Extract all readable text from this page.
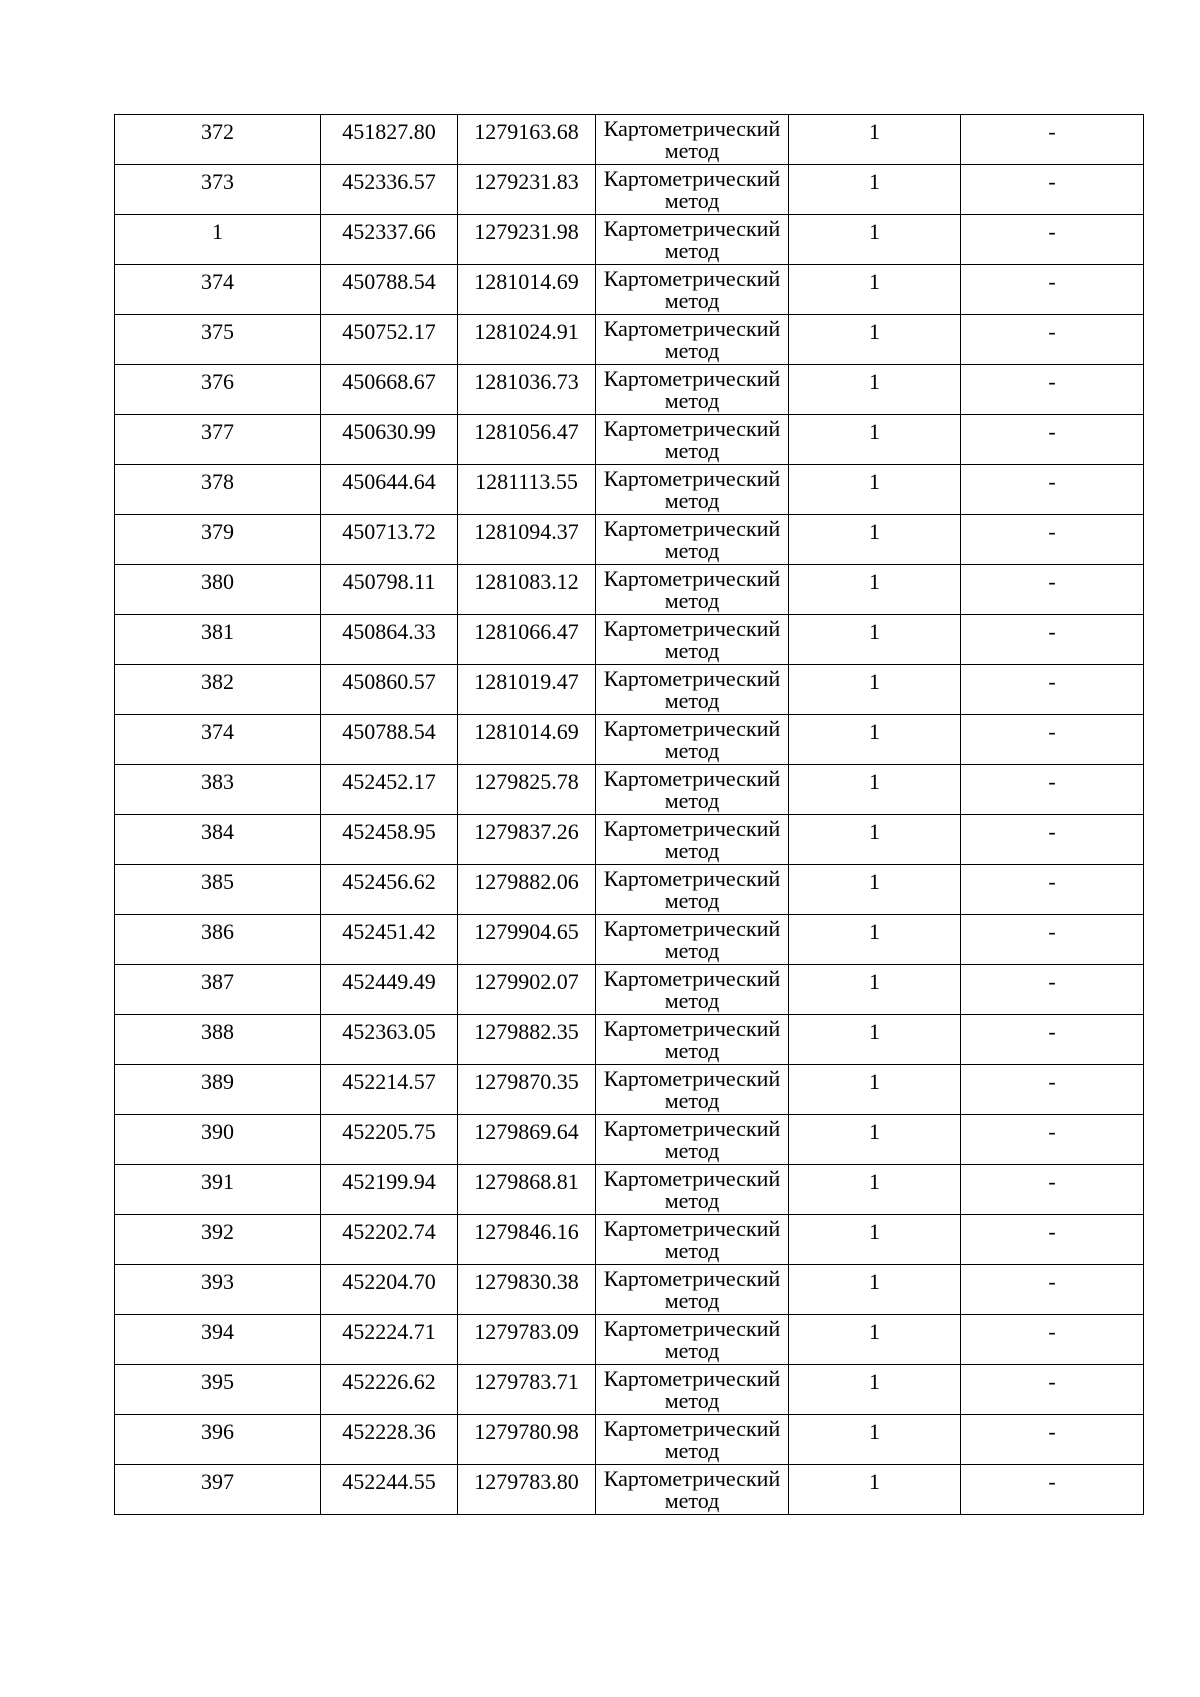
372	451827.80	1279163.68	Картометрический метод	1	-

373	452336.57	1279231.83	Картометрический метод	1	-

1	452337.66	1279231.98	Картометрический метод	1	-

374	450788.54	1281014.69	Картометрический метод	1	-

375	450752.17	1281024.91	Картометрический метод	1	-

376	450668.67	1281036.73	Картометрический метод	1	-

377	450630.99	1281056.47	Картометрический метод	1	-

378	450644.64	1281113.55	Картометрический метод	1	-

379	450713.72	1281094.37	Картометрический метод	1	-

380	450798.11	1281083.12	Картометрический метод	1	-

381	450864.33	1281066.47	Картометрический метод	1	-

382	450860.57	1281019.47	Картометрический метод	1	-

374	450788.54	1281014.69	Картометрический метод	1	-

383	452452.17	1279825.78	Картометрический метод	1	-

384	452458.95	1279837.26	Картометрический метод	1	-

385	452456.62	1279882.06	Картометрический метод	1	-

386	452451.42	1279904.65	Картометрический метод	1	-

387	452449.49	1279902.07	Картометрический метод	1	-

388	452363.05	1279882.35	Картометрический метод	1	-

389	452214.57	1279870.35	Картометрический метод	1	-

390	452205.75	1279869.64	Картометрический метод	1	-

391	452199.94	1279868.81	Картометрический метод	1	-

392	452202.74	1279846.16	Картометрический метод	1	-

393	452204.70	1279830.38	Картометрический метод	1	-

394	452224.71	1279783.09	Картометрический метод	1	-

395	452226.62	1279783.71	Картометрический метод	1	-

396	452228.36	1279780.98	Картометрический метод	1	-

397	452244.55	1279783.80	Картометрический метод	1	-
